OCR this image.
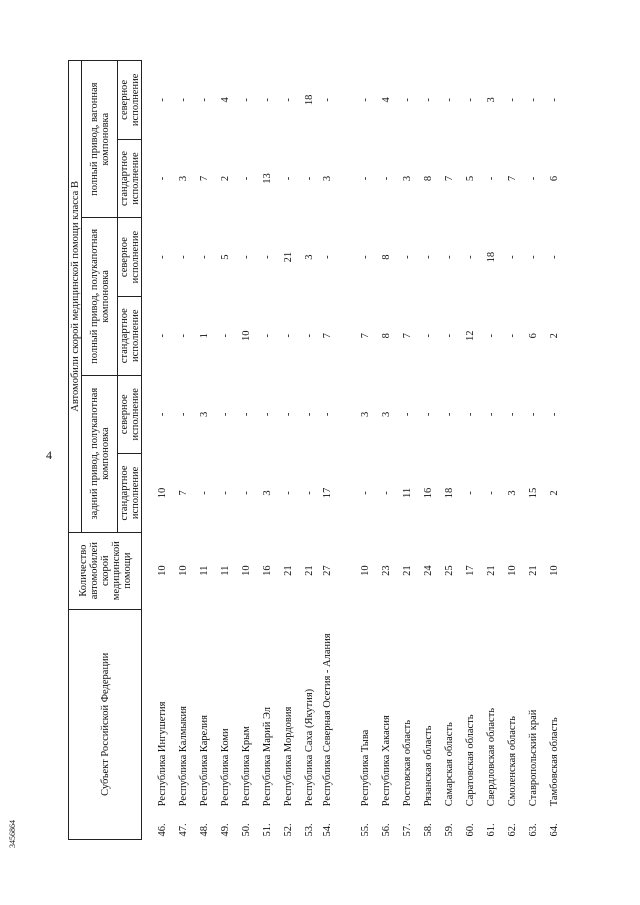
4
3456864
Субъект Российской Федерации		Количество автомобилей скорой медицинской помощи	Автомобили скорой медицинской помощи класса В					
			задний привод, полукапотная компоновка		полный привод, полукапотная компоновка		полный привод, вагонная компоновка	
			стандартное исполнение	северное исполнение	стандартное исполнение	северное исполнение	стандартное исполнение	северное исполнение
46.	Республика Ингушетия	10	10	-	-	-	-	-
47.	Республика Калмыкия	10	7	-	-	-	3	-
48.	Республика Карелия	11	-	3	1	-	7	-
49.	Республика Коми	11	-	-	-	5	2	4
50.	Республика Крым	10	-	-	10	-	-	-
51.	Республика Марий Эл	16	3	-	-	-	13	-
52.	Республика Мордовия	21	-	-	-	21	-	-
53.	Республика Саха (Якутия)	21	-	-	-	3	-	18
54.	Республика Северная Осетия - Алания	27	17	-	7	-	3	-
55.	Республика Тыва	10	-	3	7	-	-	-
56.	Республика Хакасия	23	-	3	8	8	-	4
57.	Ростовская область	21	11	-	7	-	3	-
58.	Рязанская область	24	16	-	-	-	8	-
59.	Самарская область	25	18	-	-	-	7	-
60.	Саратовская область	17	-	-	12	-	5	-
61.	Свердловская область	21	-	-	-	18	-	3
62.	Смоленская область	10	3	-	-	-	7	-
63.	Ставропольский край	21	15	-	6	-	-	-
64.	Тамбовская область	10	2	-	2	-	6	-
